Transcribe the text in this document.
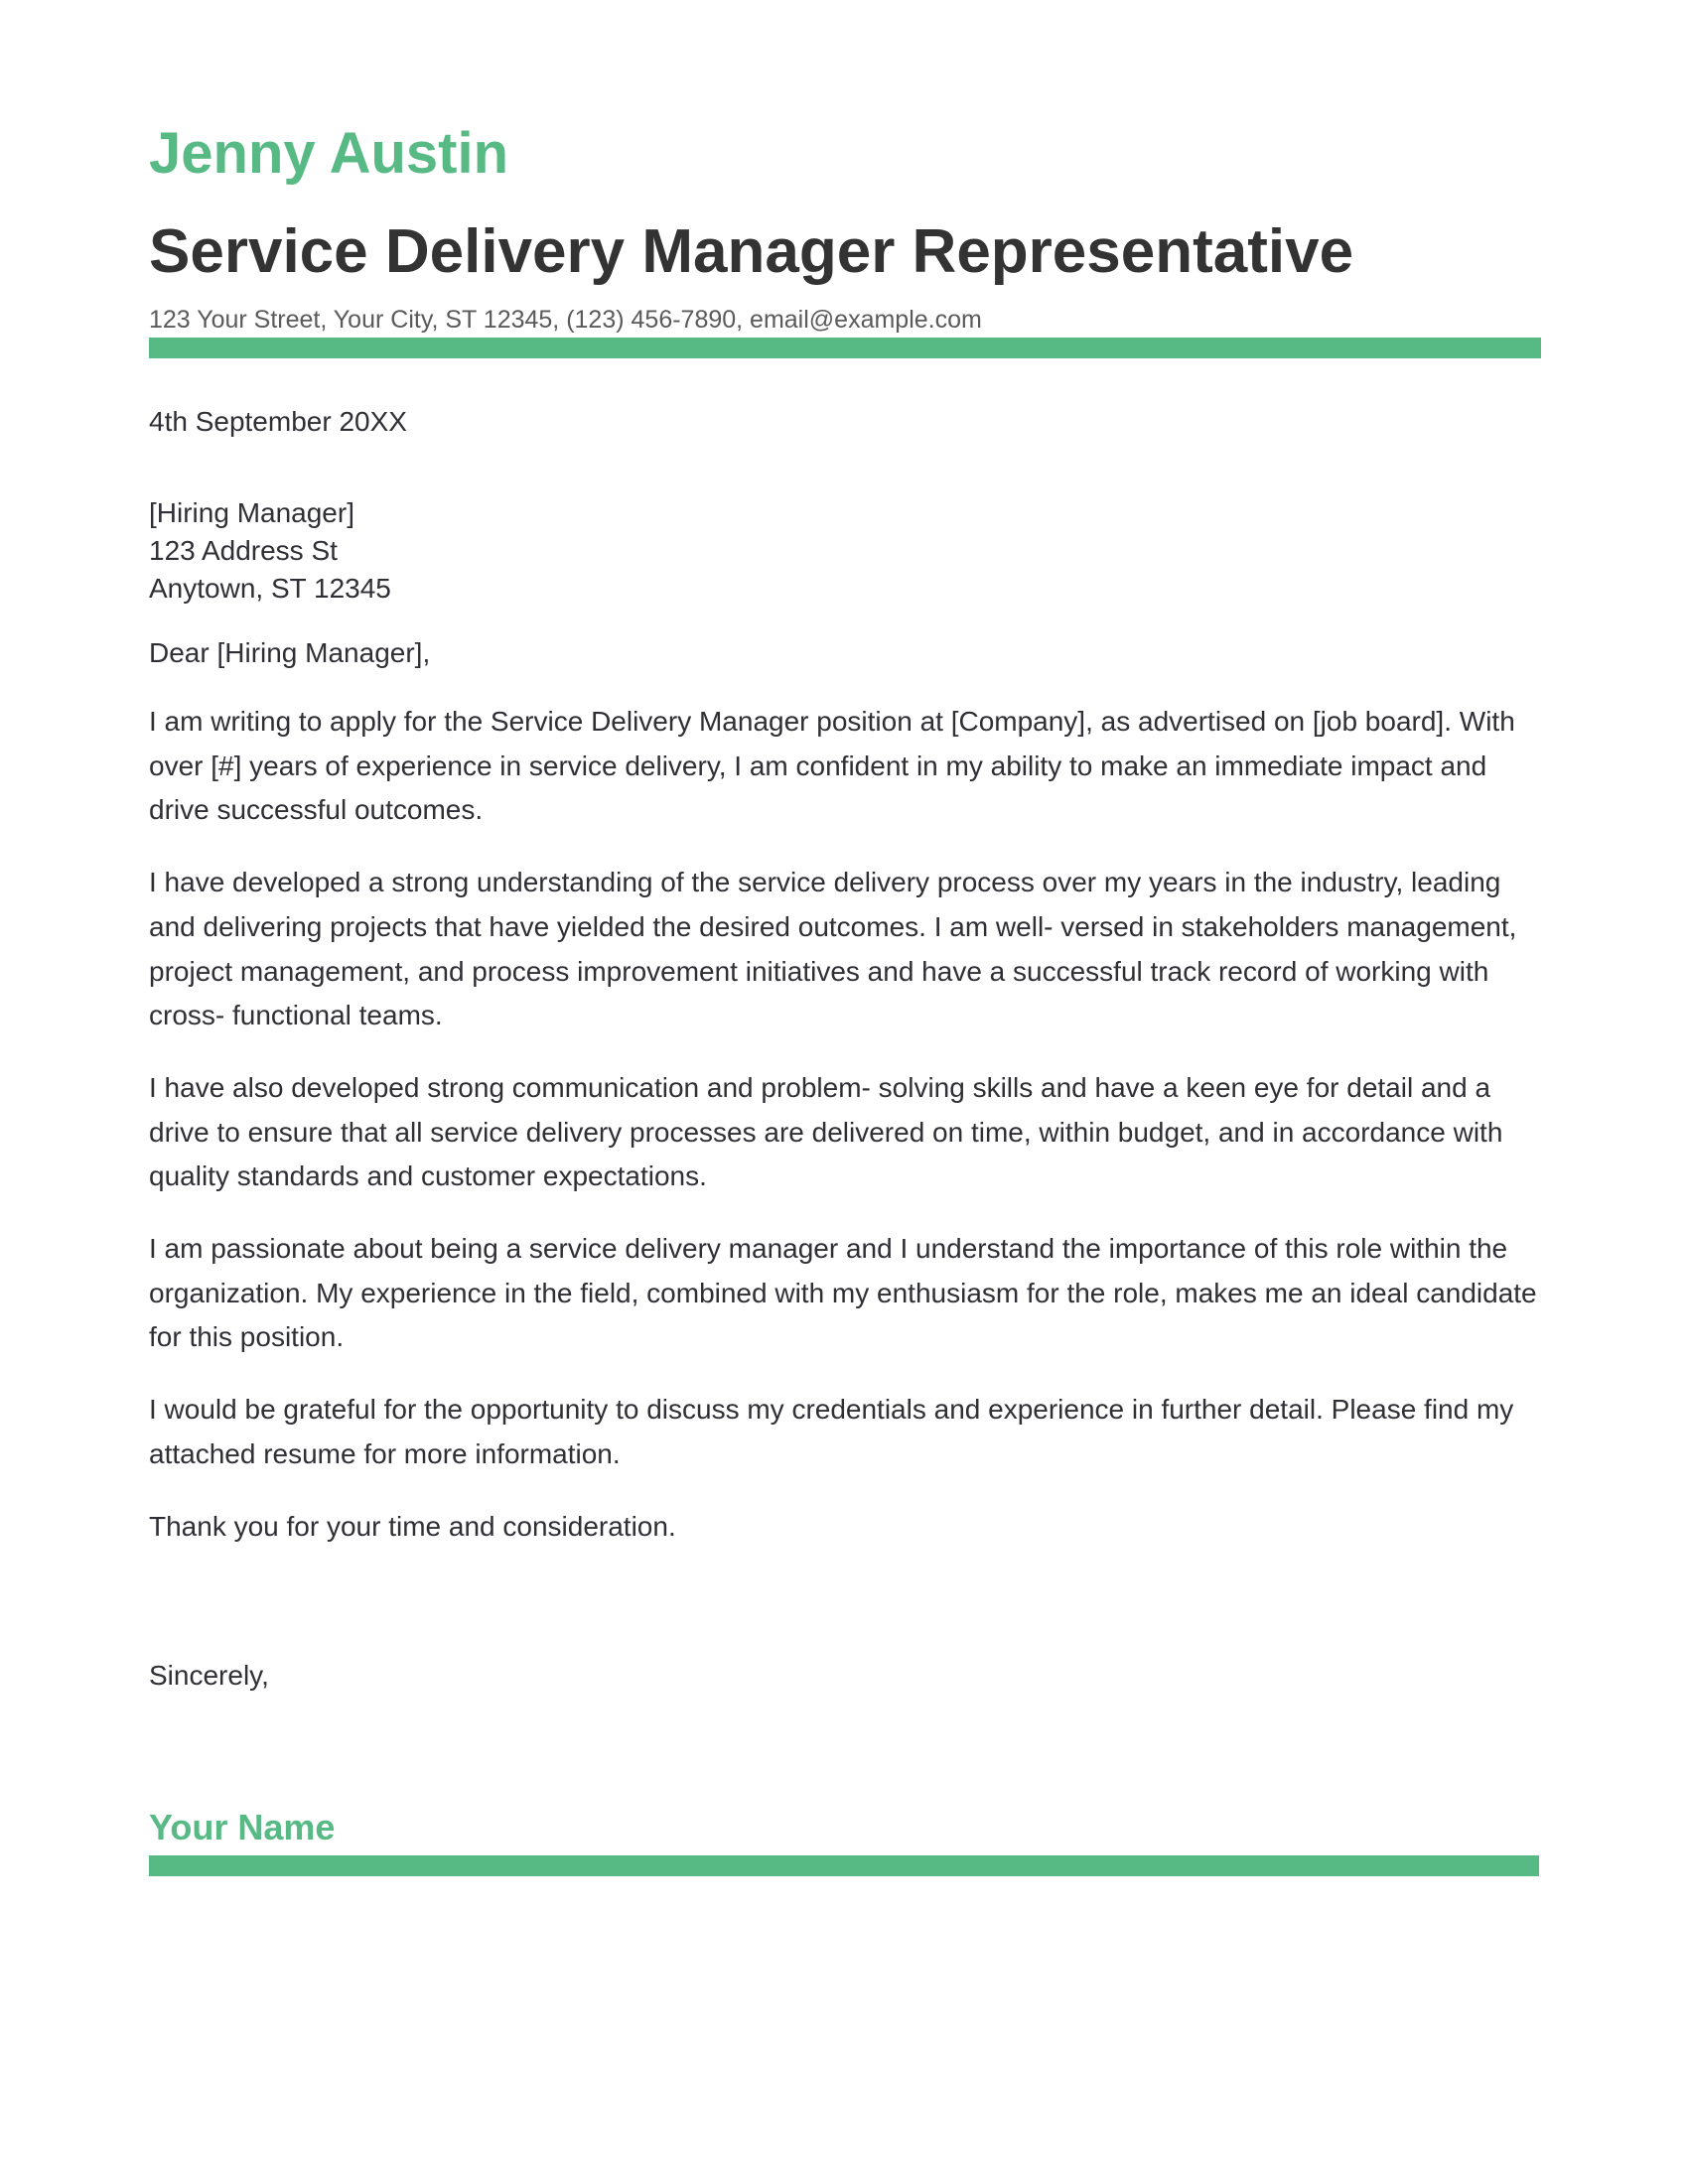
Jenny Austin
Service Delivery Manager Representative
123 Your Street, Your City, ST 12345, (123) 456-7890, email@example.com
4th September 20XX
[Hiring Manager]
123 Address St
Anytown, ST 12345
Dear [Hiring Manager],

I am writing to apply for the Service Delivery Manager position at [Company], as advertised on [job board]. With over [#] years of experience in service delivery, I am confident in my ability to make an immediate impact and drive successful outcomes.

I have developed a strong understanding of the service delivery process over my years in the industry, leading and delivering projects that have yielded the desired outcomes. I am well- versed in stakeholders management, project management, and process improvement initiatives and have a successful track record of working with cross- functional teams.

I have also developed strong communication and problem- solving skills and have a keen eye for detail and a drive to ensure that all service delivery processes are delivered on time, within budget, and in accordance with quality standards and customer expectations.

I am passionate about being a service delivery manager and I understand the importance of this role within the organization. My experience in the field, combined with my enthusiasm for the role, makes me an ideal candidate for this position.

I would be grateful for the opportunity to discuss my credentials and experience in further detail. Please find my attached resume for more information.

Thank you for your time and consideration.

Sincerely,
Your Name
